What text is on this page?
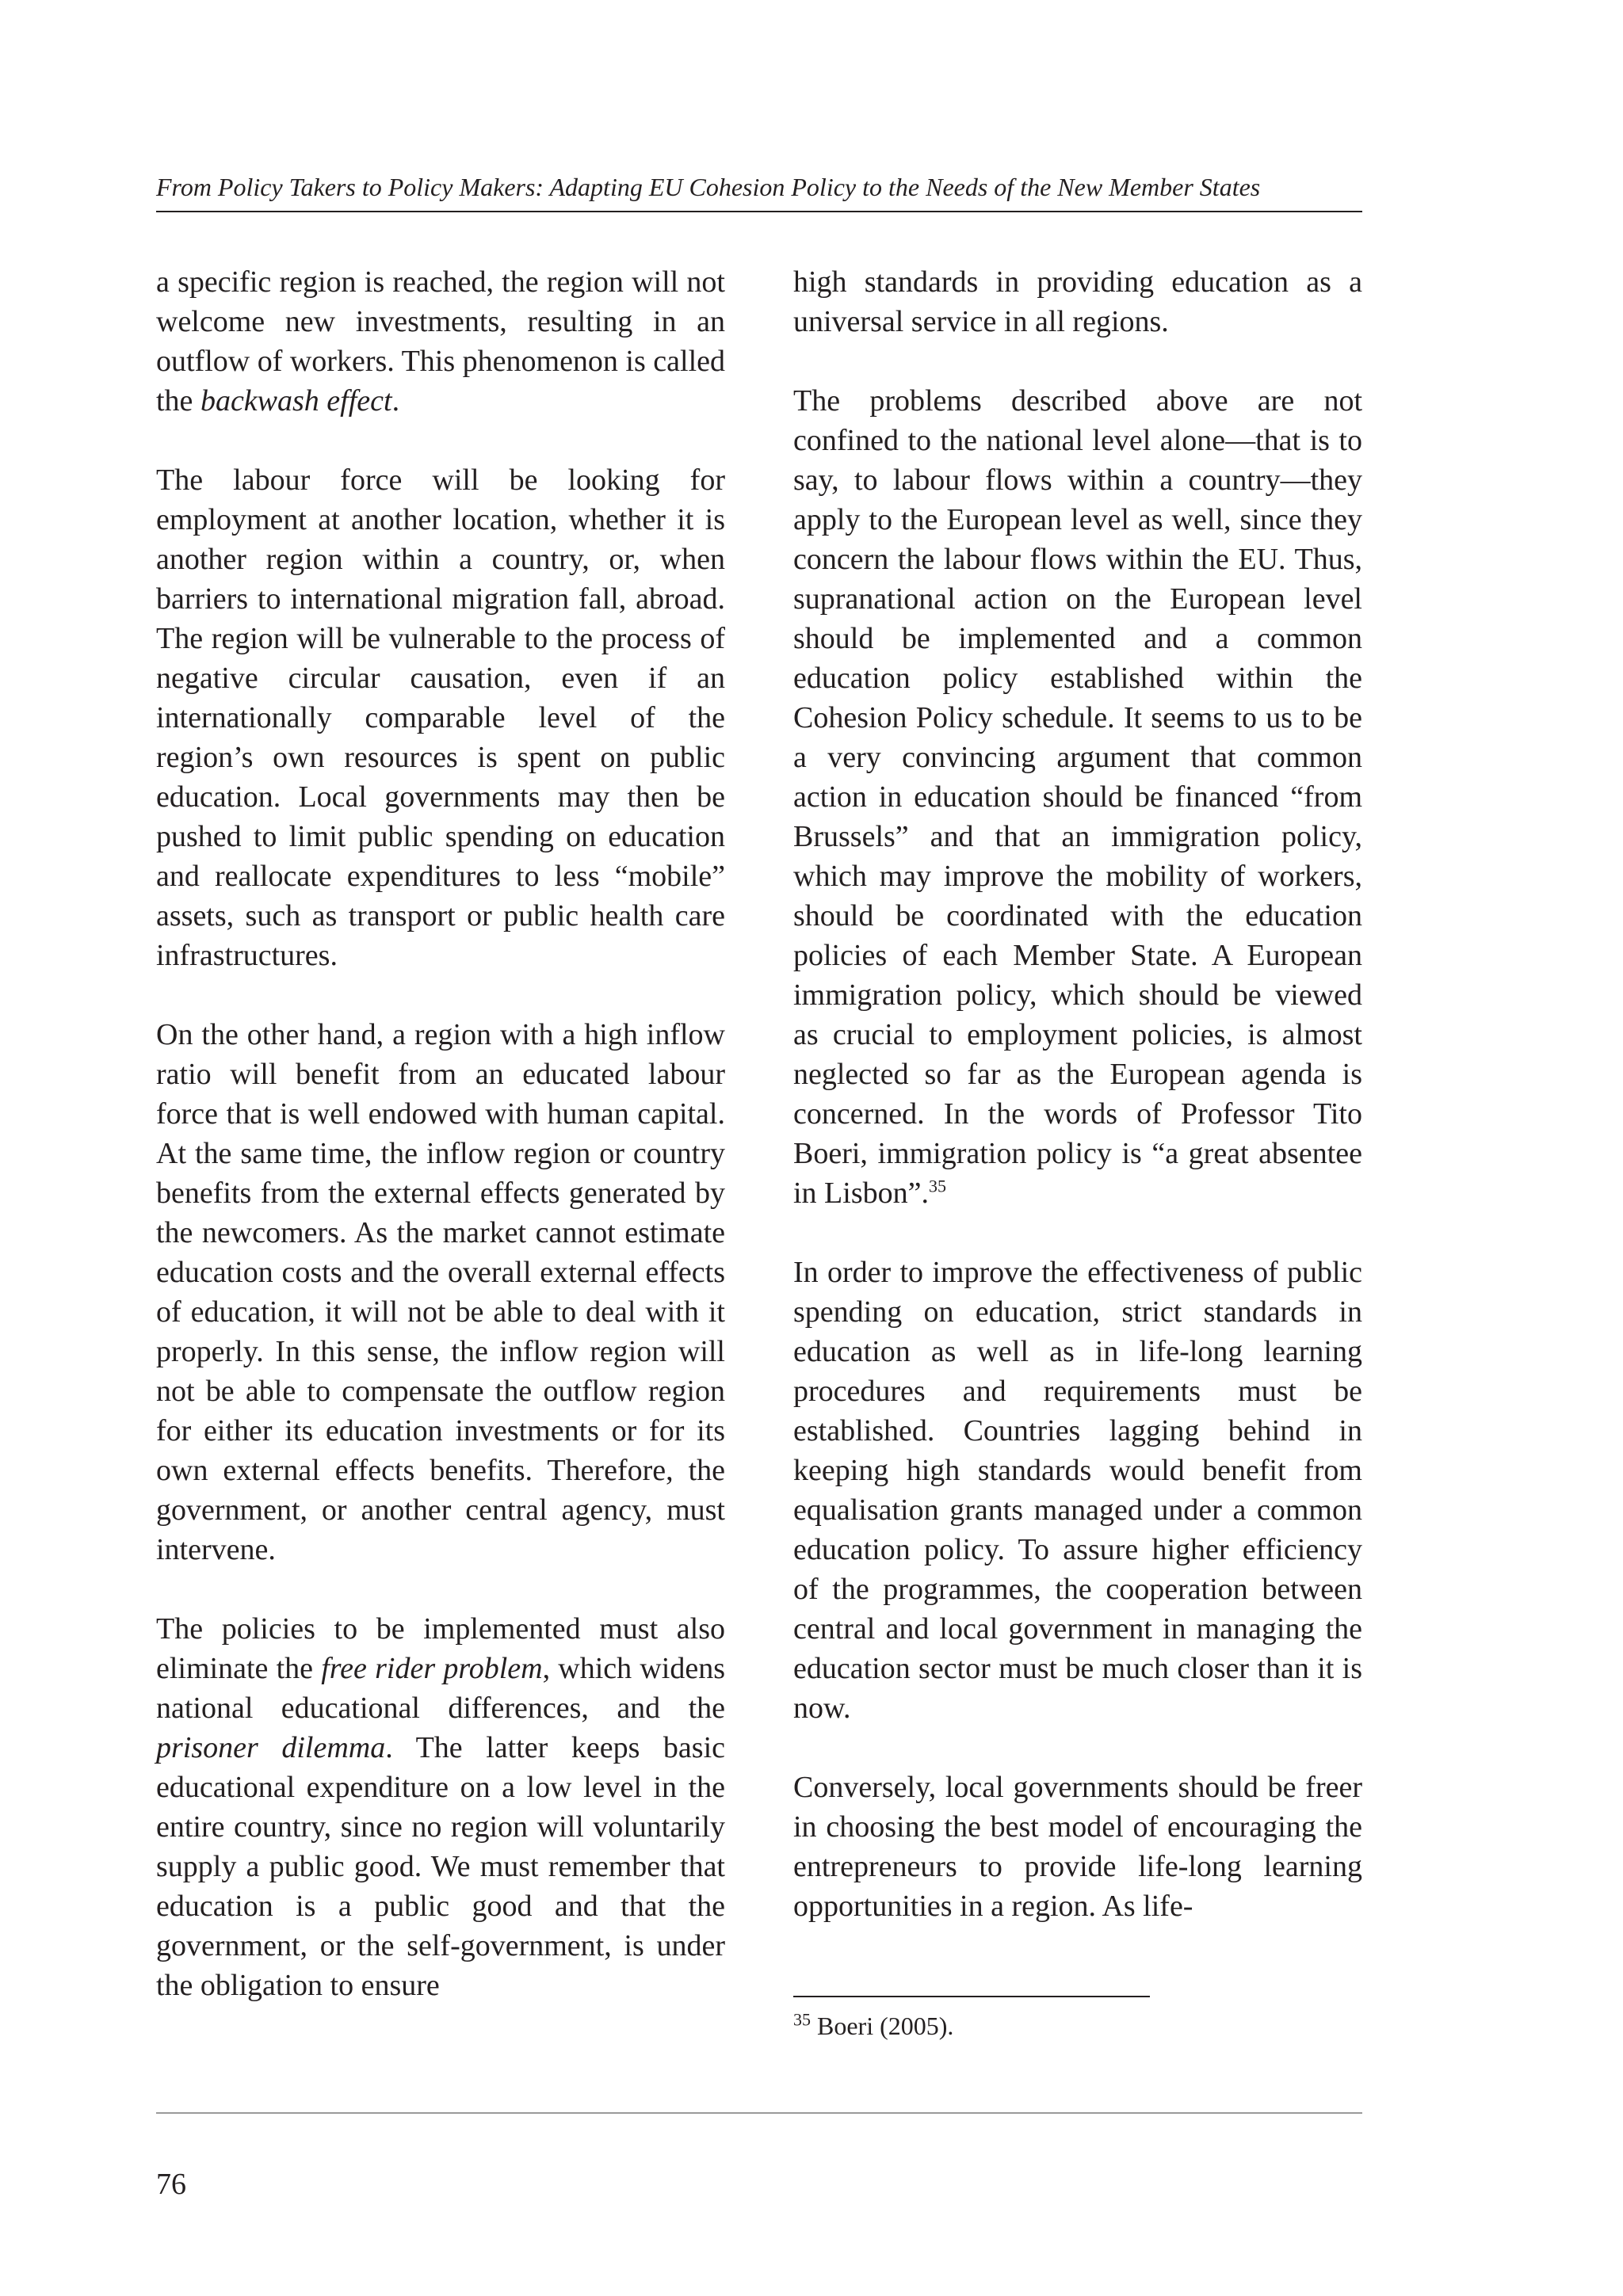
From Policy Takers to Policy Makers: Adapting EU Cohesion Policy to the Needs of the New Member States

a specific region is reached, the region will not welcome new investments, resulting in an outflow of workers. This phenomenon is called the backwash effect.

The labour force will be looking for employment at another location, whether it is another region within a country, or, when barriers to international migration fall, abroad. The region will be vulnerable to the process of negative circular causation, even if an internationally comparable level of the region’s own resources is spent on public education. Local governments may then be pushed to limit public spending on education and reallocate expenditures to less “mobile” assets, such as transport or public health care infrastructures.

On the other hand, a region with a high inflow ratio will benefit from an educated labour force that is well endowed with human capital. At the same time, the inflow region or country benefits from the external effects generated by the newcomers. As the market cannot estimate education costs and the overall external effects of education, it will not be able to deal with it properly. In this sense, the inflow region will not be able to compensate the outflow region for either its education investments or for its own external effects benefits. Therefore, the government, or another central agency, must intervene.

The policies to be implemented must also eliminate the free rider problem, which widens national educational differences, and the prisoner dilemma. The latter keeps basic educational expenditure on a low level in the entire country, since no region will voluntarily supply a public good. We must remember that education is a public good and that the government, or the self-government, is under the obligation to ensure

high standards in providing education as a universal service in all regions.

The problems described above are not confined to the national level alone—that is to say, to labour flows within a country—they apply to the European level as well, since they concern the labour flows within the EU. Thus, supranational action on the European level should be implemented and a common education policy established within the Cohesion Policy schedule. It seems to us to be a very convincing argument that common action in education should be financed “from Brussels” and that an immigration policy, which may improve the mobility of workers, should be coordinated with the education policies of each Member State. A European immigration policy, which should be viewed as crucial to employment policies, is almost neglected so far as the European agenda is concerned. In the words of Professor Tito Boeri, immigration policy is “a great absentee in Lisbon”.$^{35}$

In order to improve the effectiveness of public spending on education, strict standards in education as well as in life-long learning procedures and requirements must be established. Countries lagging behind in keeping high standards would benefit from equalisation grants managed under a common education policy. To assure higher efficiency of the programmes, the cooperation between central and local government in managing the education sector must be much closer than it is now.

Conversely, local governments should be freer in choosing the best model of encouraging the entrepreneurs to provide life-long learning opportunities in a region. As life-

$^{35}$ Boeri (2005).
76
